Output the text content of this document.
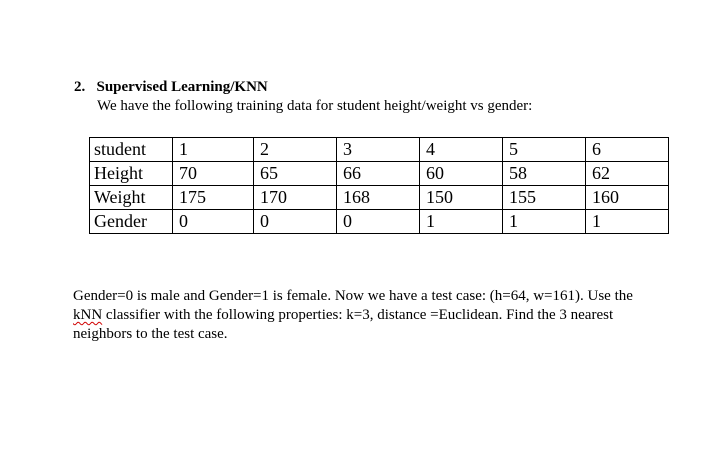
2. Supervised Learning/KNN
We have the following training data for student height/weight vs gender:
student	1	2	3	4	5	6
Height	70	65	66	60	58	62
Weight	175	170	168	150	155	160
Gender	0	0	0	1	1	1

Gender=0 is male and Gender=1 is female. Now we have a test case: (h=64, w=161). Use the

kNN classifier with the following properties: k=3, distance =Euclidean. Find the 3 nearest

neighbors to the test case.
